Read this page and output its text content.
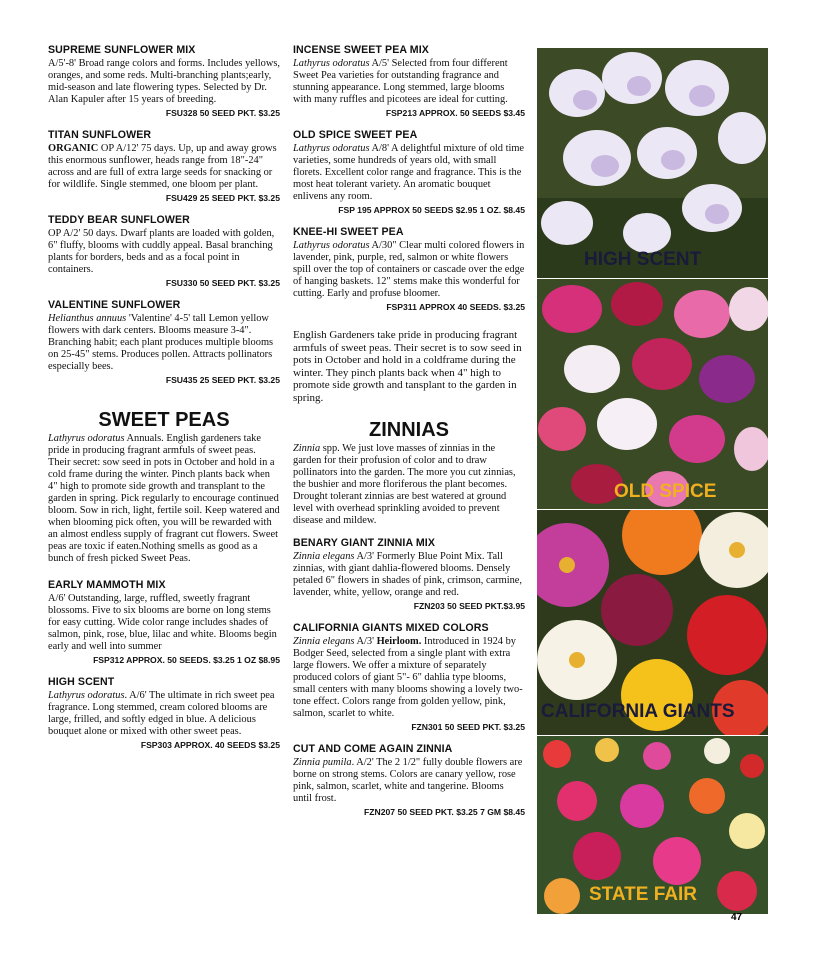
SUPREME SUNFLOWER MIX
A/5'-8' Broad range colors and forms. Includes yellows, oranges, and some reds. Multi-branching plants;early, mid-season and late flowering types. Selected by Dr. Alan Kapuler after 15 years of breeding.
FSU328 50 SEED PKT. $3.25
TITAN SUNFLOWER
ORGANIC OP A/12' 75 days. Up, up and away grows this enormous sunflower, heads range from 18"-24" across and are full of extra large seeds for snacking or for wildlife. Single stemmed, one bloom per plant.
FSU429 25 SEED PKT. $3.25
TEDDY BEAR SUNFLOWER
OP A/2' 50 days. Dwarf plants are loaded with golden, 6" fluffy, blooms with cuddly appeal. Basal branching plants for borders, beds and as a focal point in containers.
FSU330 50 SEED PKT. $3.25
VALENTINE SUNFLOWER
Helianthus annuus 'Valentine' 4-5' tall Lemon yellow flowers with dark centers. Blooms measure 3-4". Branching habit; each plant produces multiple blooms on 25-45" stems. Produces pollen. Attracts pollinators especially bees.
FSU435 25 SEED PKT. $3.25
SWEET PEAS
Lathyrus odoratus Annuals. English gardeners take pride in producing fragrant armfuls of sweet peas. Their secret: sow seed in pots in October and hold in a cold frame during the winter. Pinch plants back when 4" high to promote side growth and transplant to the garden in spring. Pick regularly to encourage continued bloom. Sow in rich, light, fertile soil. Keep watered and when blooming pick often, you will be rewarded with an almost endless supply of fragrant cut flowers. Sweet peas are toxic if eaten.Nothing smells as good as a bunch of fresh picked Sweet Peas.
EARLY MAMMOTH MIX
A/6' Outstanding, large, ruffled, sweetly fragrant blossoms. Five to six blooms are borne on long stems for easy cutting. Wide color range includes shades of salmon, pink, rose, blue, lilac and white. Blooms begin early and well into summer
FSP312 APPROX. 50 SEEDS. $3.25 1 OZ $8.95
HIGH SCENT
Lathyrus odoratus. A/6' The ultimate in rich sweet pea fragrance. Long stemmed, cream colored blooms are large, frilled, and softly edged in blue. A delicious bouquet alone or mixed with other sweet peas.
FSP303 APPROX. 40 SEEDS $3.25
INCENSE SWEET PEA MIX
Lathyrus odoratus A/5' Selected from four different Sweet Pea varieties for outstanding fragrance and stunning appearance. Long stemmed, large blooms with many ruffles and picotees are ideal for cutting.
FSP213 APPROX. 50 SEEDS $3.45
OLD SPICE SWEET PEA
Lathyrus odoratus A/8' A delightful mixture of old time varieties, some hundreds of years old, with small florets. Excellent color range and fragrance. This is the most heat tolerant variety. An aromatic bouquet enlivens any room.
FSP 195 APPROX 50 SEEDS $2.95 1 OZ. $8.45
KNEE-HI SWEET PEA
Lathyrus odoratus A/30" Clear multi colored flowers in lavender, pink, purple, red, salmon or white flowers spill over the top of containers or cascade over the edge of hanging baskets. 12" stems make this wonderful for cutting. Early and profuse bloomer.
FSP311 APPROX 40 SEEDS. $3.25
English Gardeners take pride in producing fragrant armfuls of sweet peas. Their secret is to sow seed in pots in October and hold in a coldframe during the winter. They pinch plants back when 4" high to promote side growth and tansplant to the garden in spring.
ZINNIAS
Zinnia spp. We just love masses of zinnias in the garden for their profusion of color and to draw pollinators into the garden. The more you cut zinnias, the bushier and more floriferous the plant becomes. Drought tolerant zinnias are best watered at ground level with overhead sprinkling avoided to prevent disease and mildew.
BENARY GIANT ZINNIA MIX
Zinnia elegans A/3' Formerly Blue Point Mix. Tall zinnias, with giant dahlia-flowered blooms. Densely petaled 6" flowers in shades of pink, crimson, carmine, lavender, white, yellow, orange and red.
FZN203 50 SEED PKT.$3.95
CALIFORNIA GIANTS MIXED COLORS
Zinnia elegans A/3' Heirloom. Introduced in 1924 by Bodger Seed, selected from a single plant with extra large flowers. We offer a mixture of separately produced colors of giant 5"- 6" dahlia type blooms, small centers with many blooms showing a lovely two-tone effect. Colors range from golden yellow, pink, salmon, scarlet to white.
FZN301 50 SEED PKT. $3.25
CUT AND COME AGAIN ZINNIA
Zinnia pumila. A/2' The 2 1/2" fully double flowers are borne on strong stems. Colors are canary yellow, rose pink, salmon, scarlet, white and tangerine. Blooms until frost.
FZN207 50 SEED PKT. $3.25 7 GM $8.45
HIGH SCENT
OLD SPICE
CALIFORNIA GIANTS
STATE FAIR
47
